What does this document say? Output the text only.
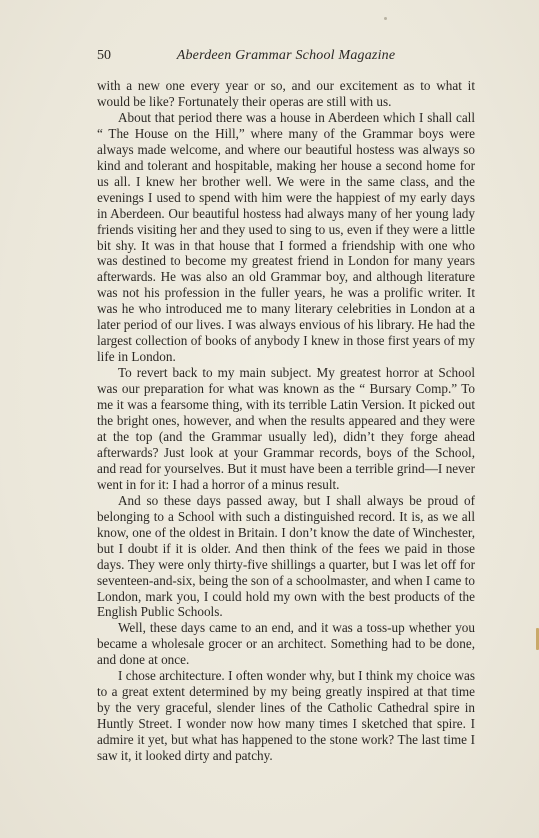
50	Aberdeen Grammar School Magazine

with a new one every year or so, and our excitement as to what it would be like? Fortunately their operas are still with us.

About that period there was a house in Aberdeen which I shall call “ The House on the Hill,” where many of the Grammar boys were always made welcome, and where our beautiful hostess was always so kind and tolerant and hospitable, making her house a second home for us all. I knew her brother well. We were in the same class, and the evenings I used to spend with him were the happiest of my early days in Aberdeen. Our beautiful hostess had always many of her young lady friends visiting her and they used to sing to us, even if they were a little bit shy. It was in that house that I formed a friendship with one who was destined to become my greatest friend in London for many years afterwards. He was also an old Grammar boy, and although literature was not his profession in the fuller years, he was a prolific writer. It was he who introduced me to many literary celebrities in London at a later period of our lives. I was always envious of his library. He had the largest collection of books of anybody I knew in those first years of my life in London.

To revert back to my main subject. My greatest horror at School was our preparation for what was known as the “ Bursary Comp.” To me it was a fearsome thing, with its terrible Latin Version. It picked out the bright ones, however, and when the results appeared and they were at the top (and the Grammar usually led), didn’t they forge ahead afterwards? Just look at your Grammar records, boys of the School, and read for yourselves. But it must have been a terrible grind—I never went in for it: I had a horror of a minus result.

And so these days passed away, but I shall always be proud of belonging to a School with such a distinguished record. It is, as we all know, one of the oldest in Britain. I don’t know the date of Winchester, but I doubt if it is older. And then think of the fees we paid in those days. They were only thirty-five shillings a quarter, but I was let off for seventeen-and-six, being the son of a schoolmaster, and when I came to London, mark you, I could hold my own with the best products of the English Public Schools.

Well, these days came to an end, and it was a toss-up whether you became a wholesale grocer or an architect. Something had to be done, and done at once.

I chose architecture. I often wonder why, but I think my choice was to a great extent determined by my being greatly inspired at that time by the very graceful, slender lines of the Catholic Cathedral spire in Huntly Street. I wonder now how many times I sketched that spire. I admire it yet, but what has happened to the stone work? The last time I saw it, it looked dirty and patchy.
